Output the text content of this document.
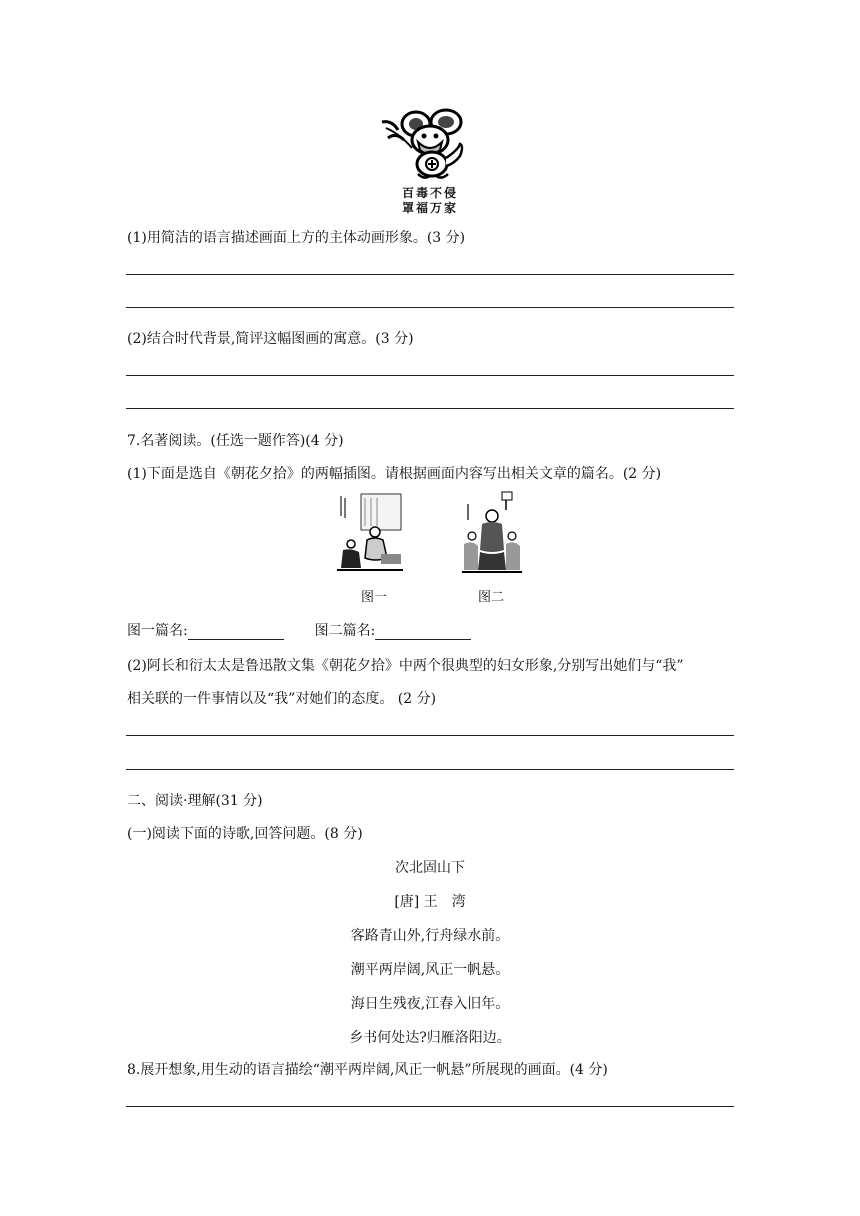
百毒不侵
罩福万家
(1)用简洁的语言描述画面上方的主体动画形象。(3 分)
(2)结合时代背景,简评这幅图画的寓意。(3 分)
7.名著阅读。(任选一题作答)(4 分)
(1)下面是选自《朝花夕拾》的两幅插图。请根据画面内容写出相关文章的篇名。(2 分)
图一	图二
图一篇名:	图二篇名:
(2)阿长和衍太太是鲁迅散文集《朝花夕拾》中两个很典型的妇女形象,分别写出她们与“我”
相关联的一件事情以及“我”对她们的态度。 (2 分)
二、阅读·理解(31 分)
(一)阅读下面的诗歌,回答问题。(8 分)
次北固山下
[唐] 王　湾
客路青山外,行舟绿水前。
潮平两岸阔,风正一帆悬。
海日生残夜,江春入旧年。
乡书何处达?归雁洛阳边。
8.展开想象,用生动的语言描绘“潮平两岸阔,风正一帆悬”所展现的画面。(4 分)
